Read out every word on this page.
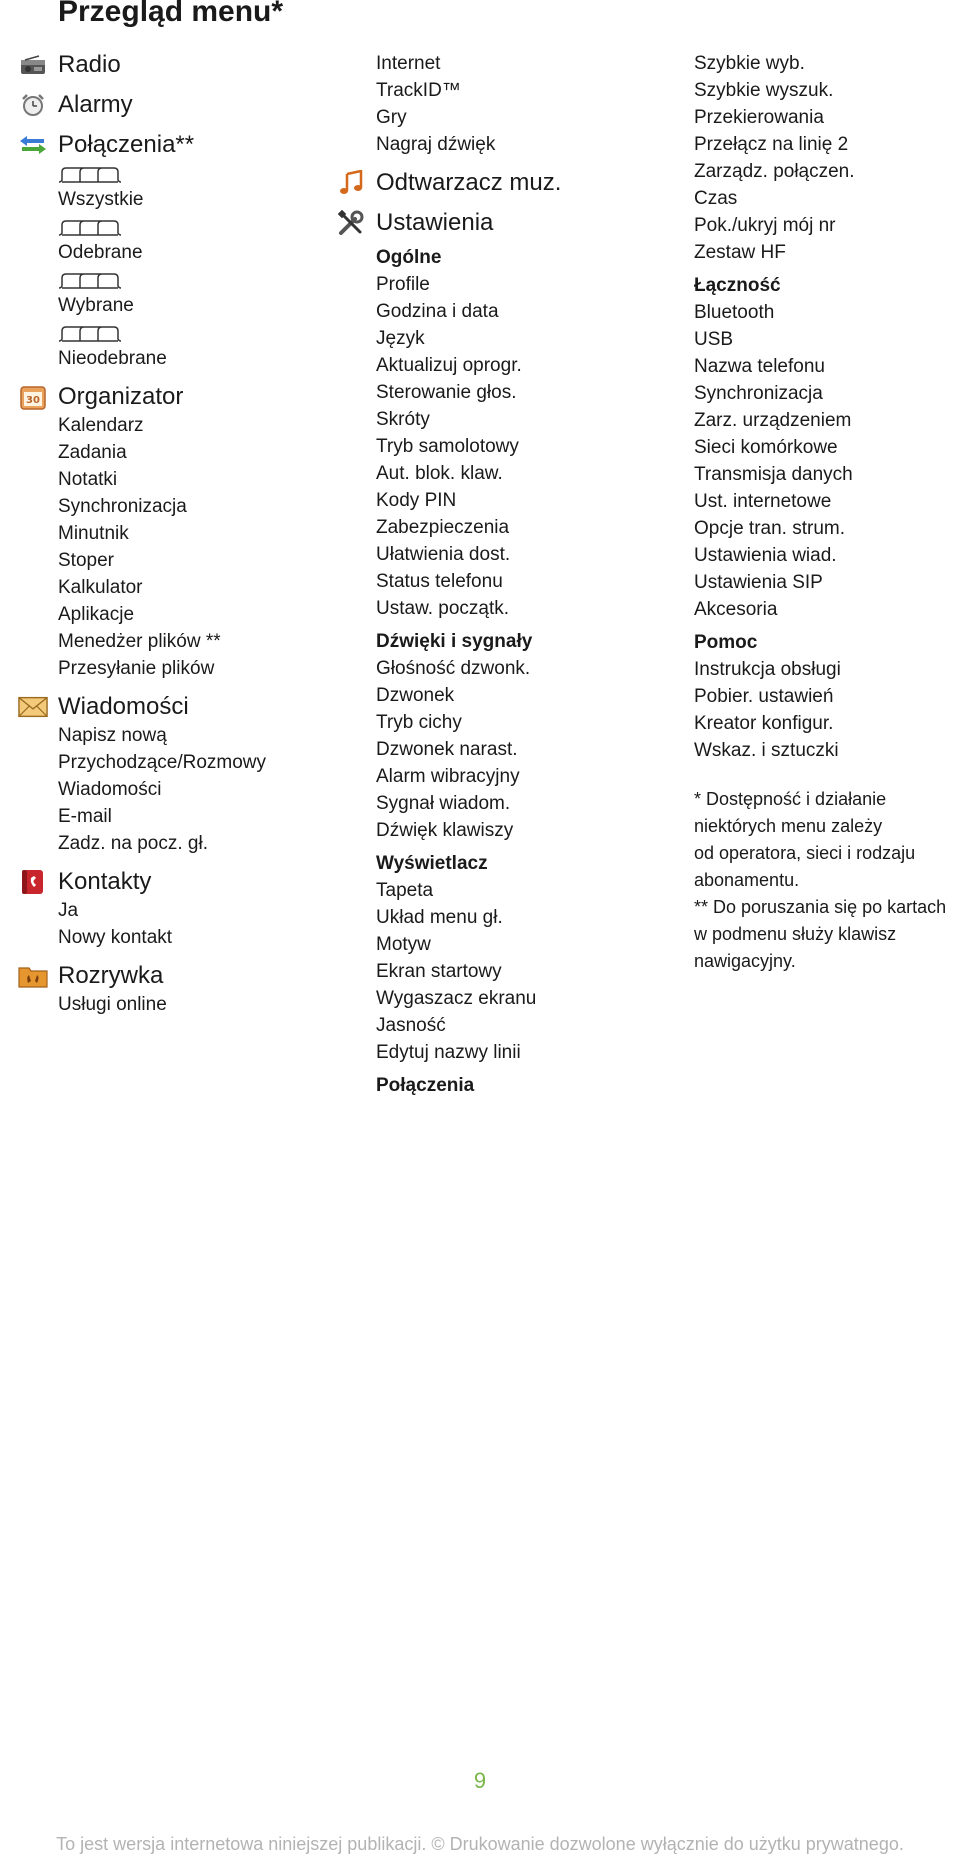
Przegląd menu*
Radio
Alarmy
Połączenia**
Wszystkie
Odebrane
Wybrane
Nieodebrane
30 Organizator
Kalendarz
Zadania
Notatki
Synchronizacja
Minutnik
Stoper
Kalkulator
Aplikacje
Menedżer plików **
Przesyłanie plików
Wiadomości
Napisz nową
Przychodzące/Rozmowy
Wiadomości
E-mail
Zadz. na pocz. gł.
Kontakty
Ja
Nowy kontakt
Rozrywka
Usługi online
Internet
TrackID™
Gry
Nagraj dźwięk
Odtwarzacz muz.
Ustawienia
Ogólne
Profile
Godzina i data
Język
Aktualizuj oprogr.
Sterowanie głos.
Skróty
Tryb samolotowy
Aut. blok. klaw.
Kody PIN
Zabezpieczenia
Ułatwienia dost.
Status telefonu
Ustaw. początk.
Dźwięki i sygnały
Głośność dzwonk.
Dzwonek
Tryb cichy
Dzwonek narast.
Alarm wibracyjny
Sygnał wiadom.
Dźwięk klawiszy
Wyświetlacz
Tapeta
Układ menu gł.
Motyw
Ekran startowy
Wygaszacz ekranu
Jasność
Edytuj nazwy linii
Połączenia
Szybkie wyb.
Szybkie wyszuk.
Przekierowania
Przełącz na linię 2
Zarządz. połączen.
Czas
Pok./ukryj mój nr
Zestaw HF
Łączność
Bluetooth
USB
Nazwa telefonu
Synchronizacja
Zarz. urządzeniem
Sieci komórkowe
Transmisja danych
Ust. internetowe
Opcje tran. strum.
Ustawienia wiad.
Ustawienia SIP
Akcesoria
Pomoc
Instrukcja obsługi
Pobier. ustawień
Kreator konfigur.
Wskaz. i sztuczki
* Dostępność i działanie
niektórych menu zależy
od operatora, sieci i rodzaju
abonamentu.
** Do poruszania się po kartach
w podmenu służy klawisz
nawigacyjny.
9
To jest wersja internetowa niniejszej publikacji. © Drukowanie dozwolone wyłącznie do użytku prywatnego.
